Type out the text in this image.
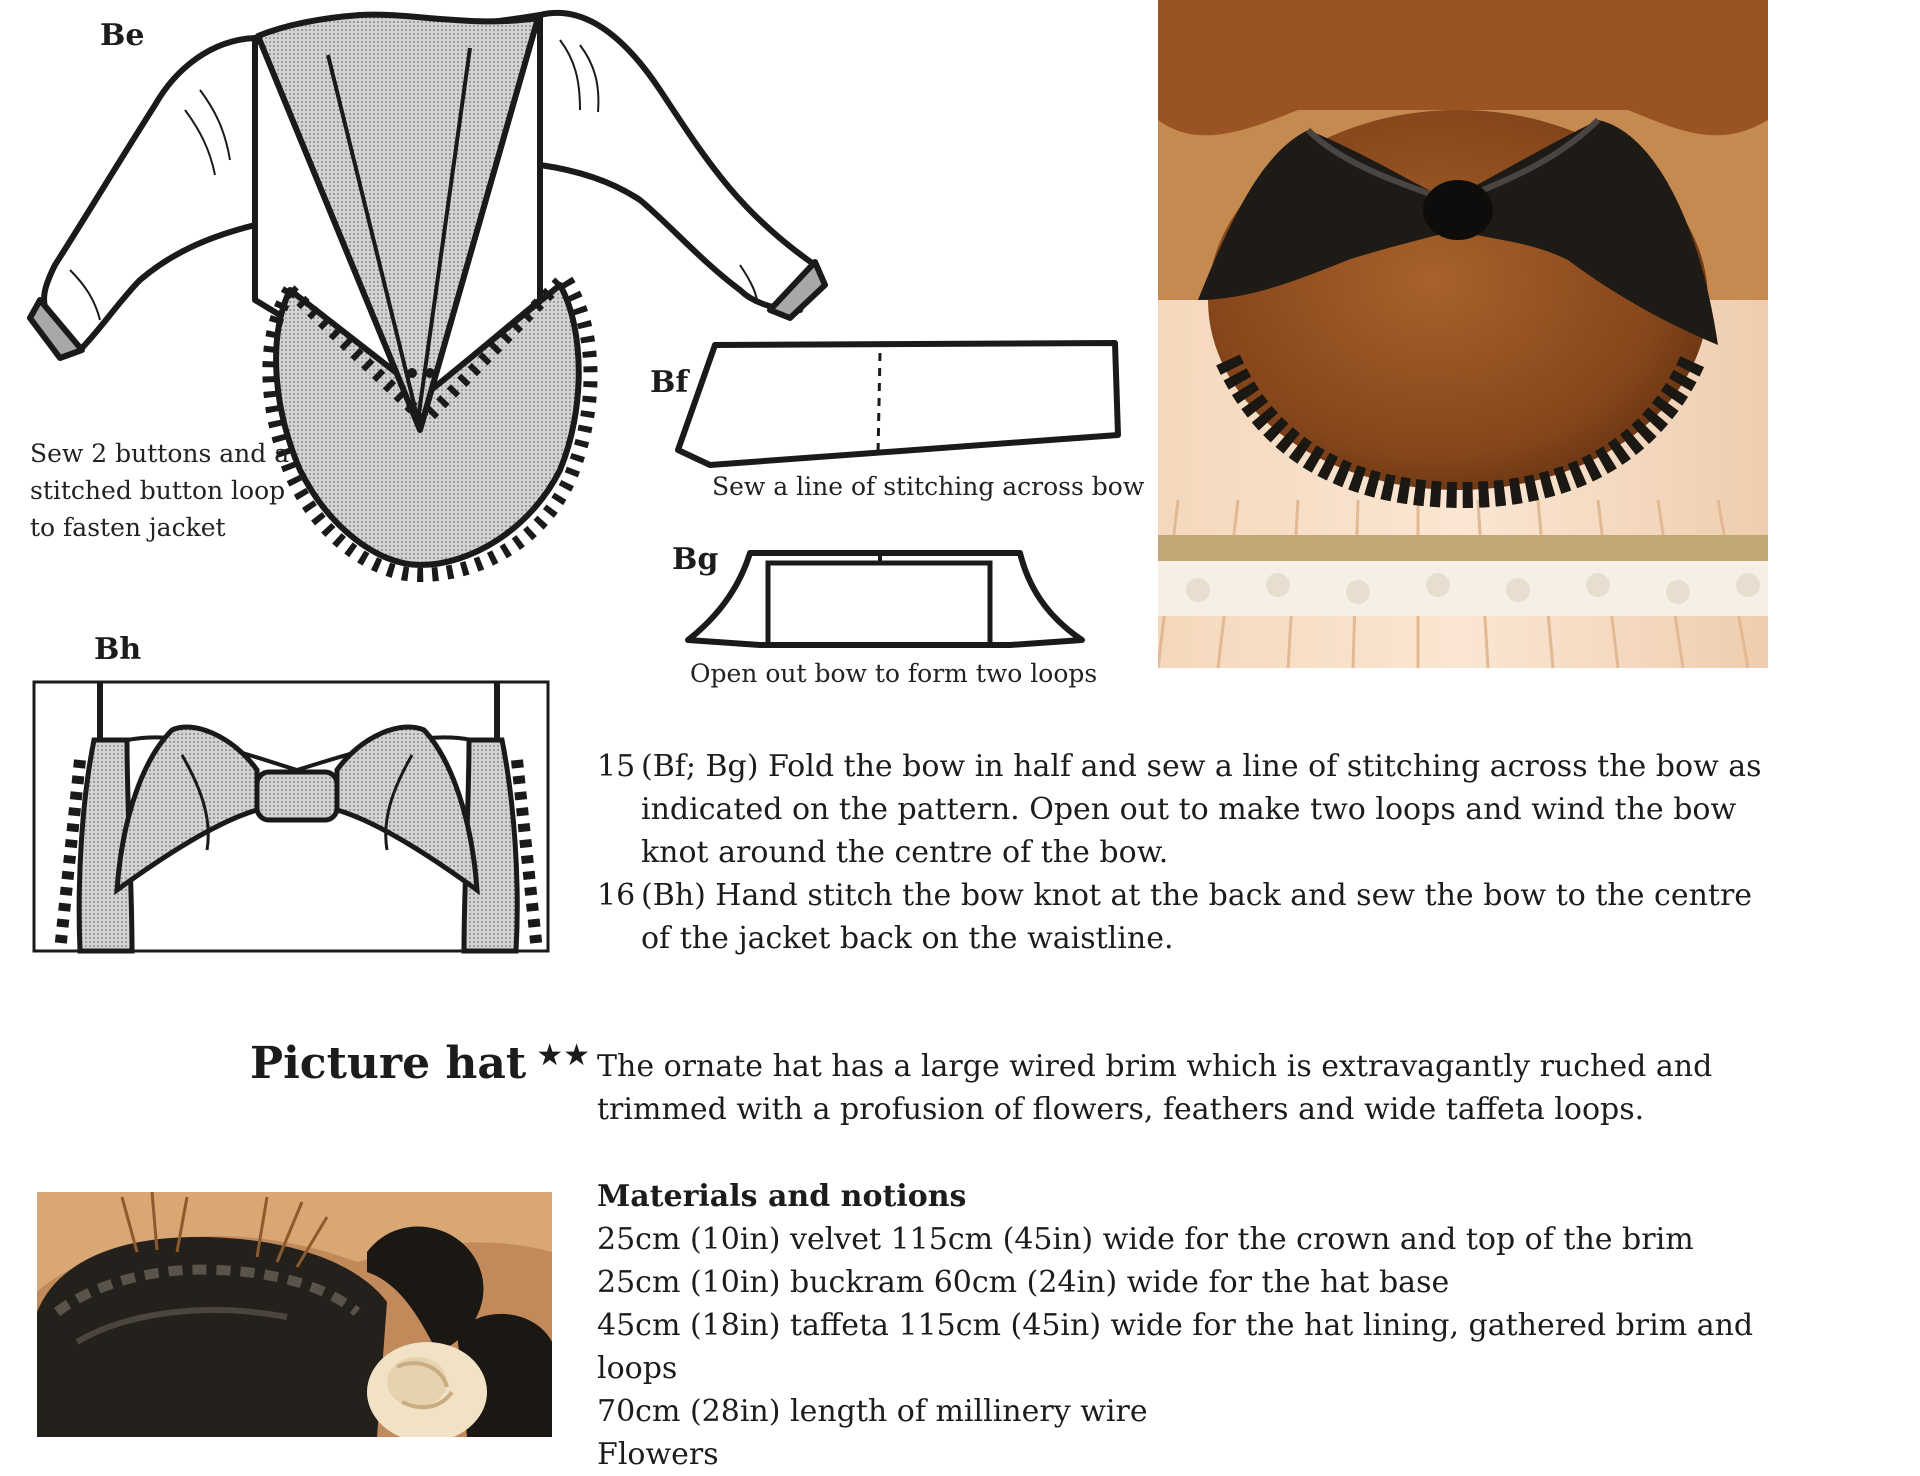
Be
Sew 2 buttons and a
stitched button loop
to fasten jacket
Bf
Sew a line of stitching across bow
Bg
Open out bow to form two loops
Bh
15 (Bf; Bg) Fold the bow in half and sew a line of stitching across the bow as indicated on the pattern. Open out to make two loops and wind the bow knot around the centre of the bow.
16 (Bh) Hand stitch the bow knot at the back and sew the bow to the centre of the jacket back on the waistline.
Picture hat ★★ The ornate hat has a large wired brim which is extravagantly ruched and trimmed with a profusion of flowers, feathers and wide taffeta loops.
Materials and notions
25cm (10in) velvet 115cm (45in) wide for the crown and top of the brim
25cm (10in) buckram 60cm (24in) wide for the hat base
45cm (18in) taffeta 115cm (45in) wide for the hat lining, gathered brim and loops
70cm (28in) length of millinery wire
Flowers
